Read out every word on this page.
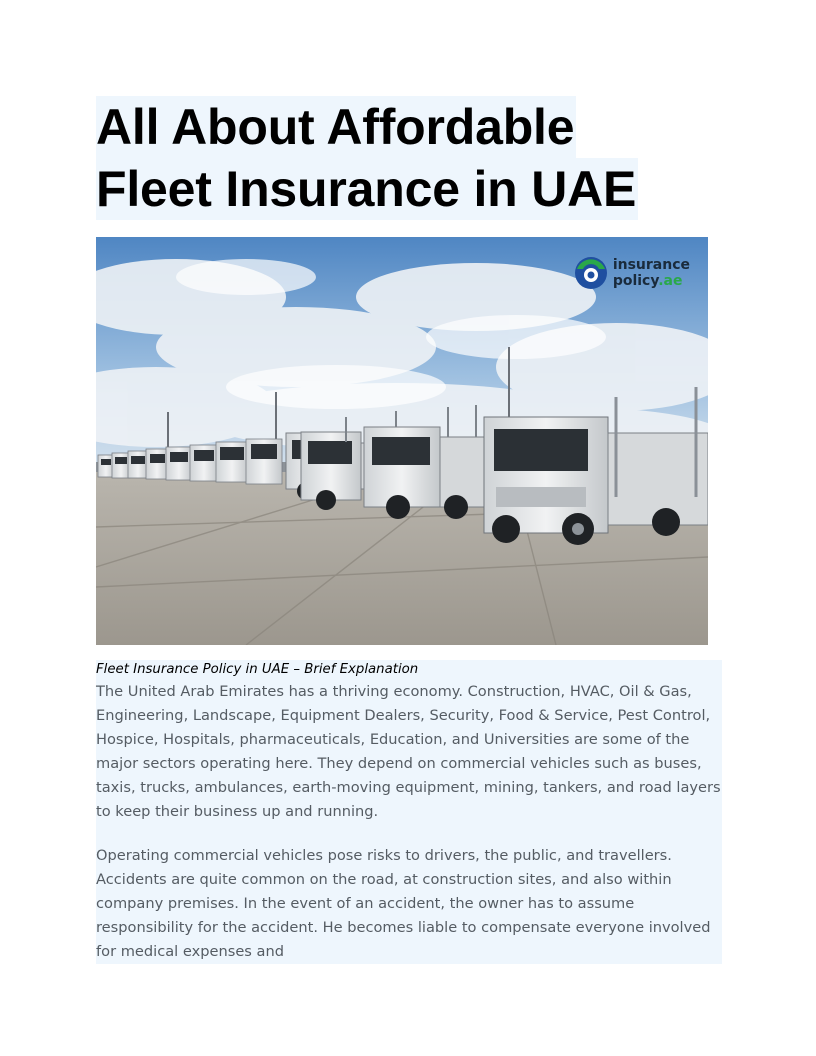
All About Affordable
Fleet Insurance in UAE
insurance
policy.ae

Fleet Insurance Policy in UAE – Brief Explanation

The United Arab Emirates has a thriving economy. Construction, HVAC, Oil & Gas, Engineering, Landscape, Equipment Dealers, Security, Food & Service, Pest Control, Hospice, Hospitals, pharmaceuticals, Education, and Universities are some of the major sectors operating here. They depend on commercial vehicles such as buses, taxis, trucks, ambulances, earth-moving equipment, mining, tankers, and road layers to keep their business up and running.

Operating commercial vehicles pose risks to drivers, the public, and travellers. Accidents are quite common on the road, at construction sites, and also within company premises. In the event of an accident, the owner has to assume responsibility for the accident. He becomes liable to compensate everyone involved for medical expenses and
